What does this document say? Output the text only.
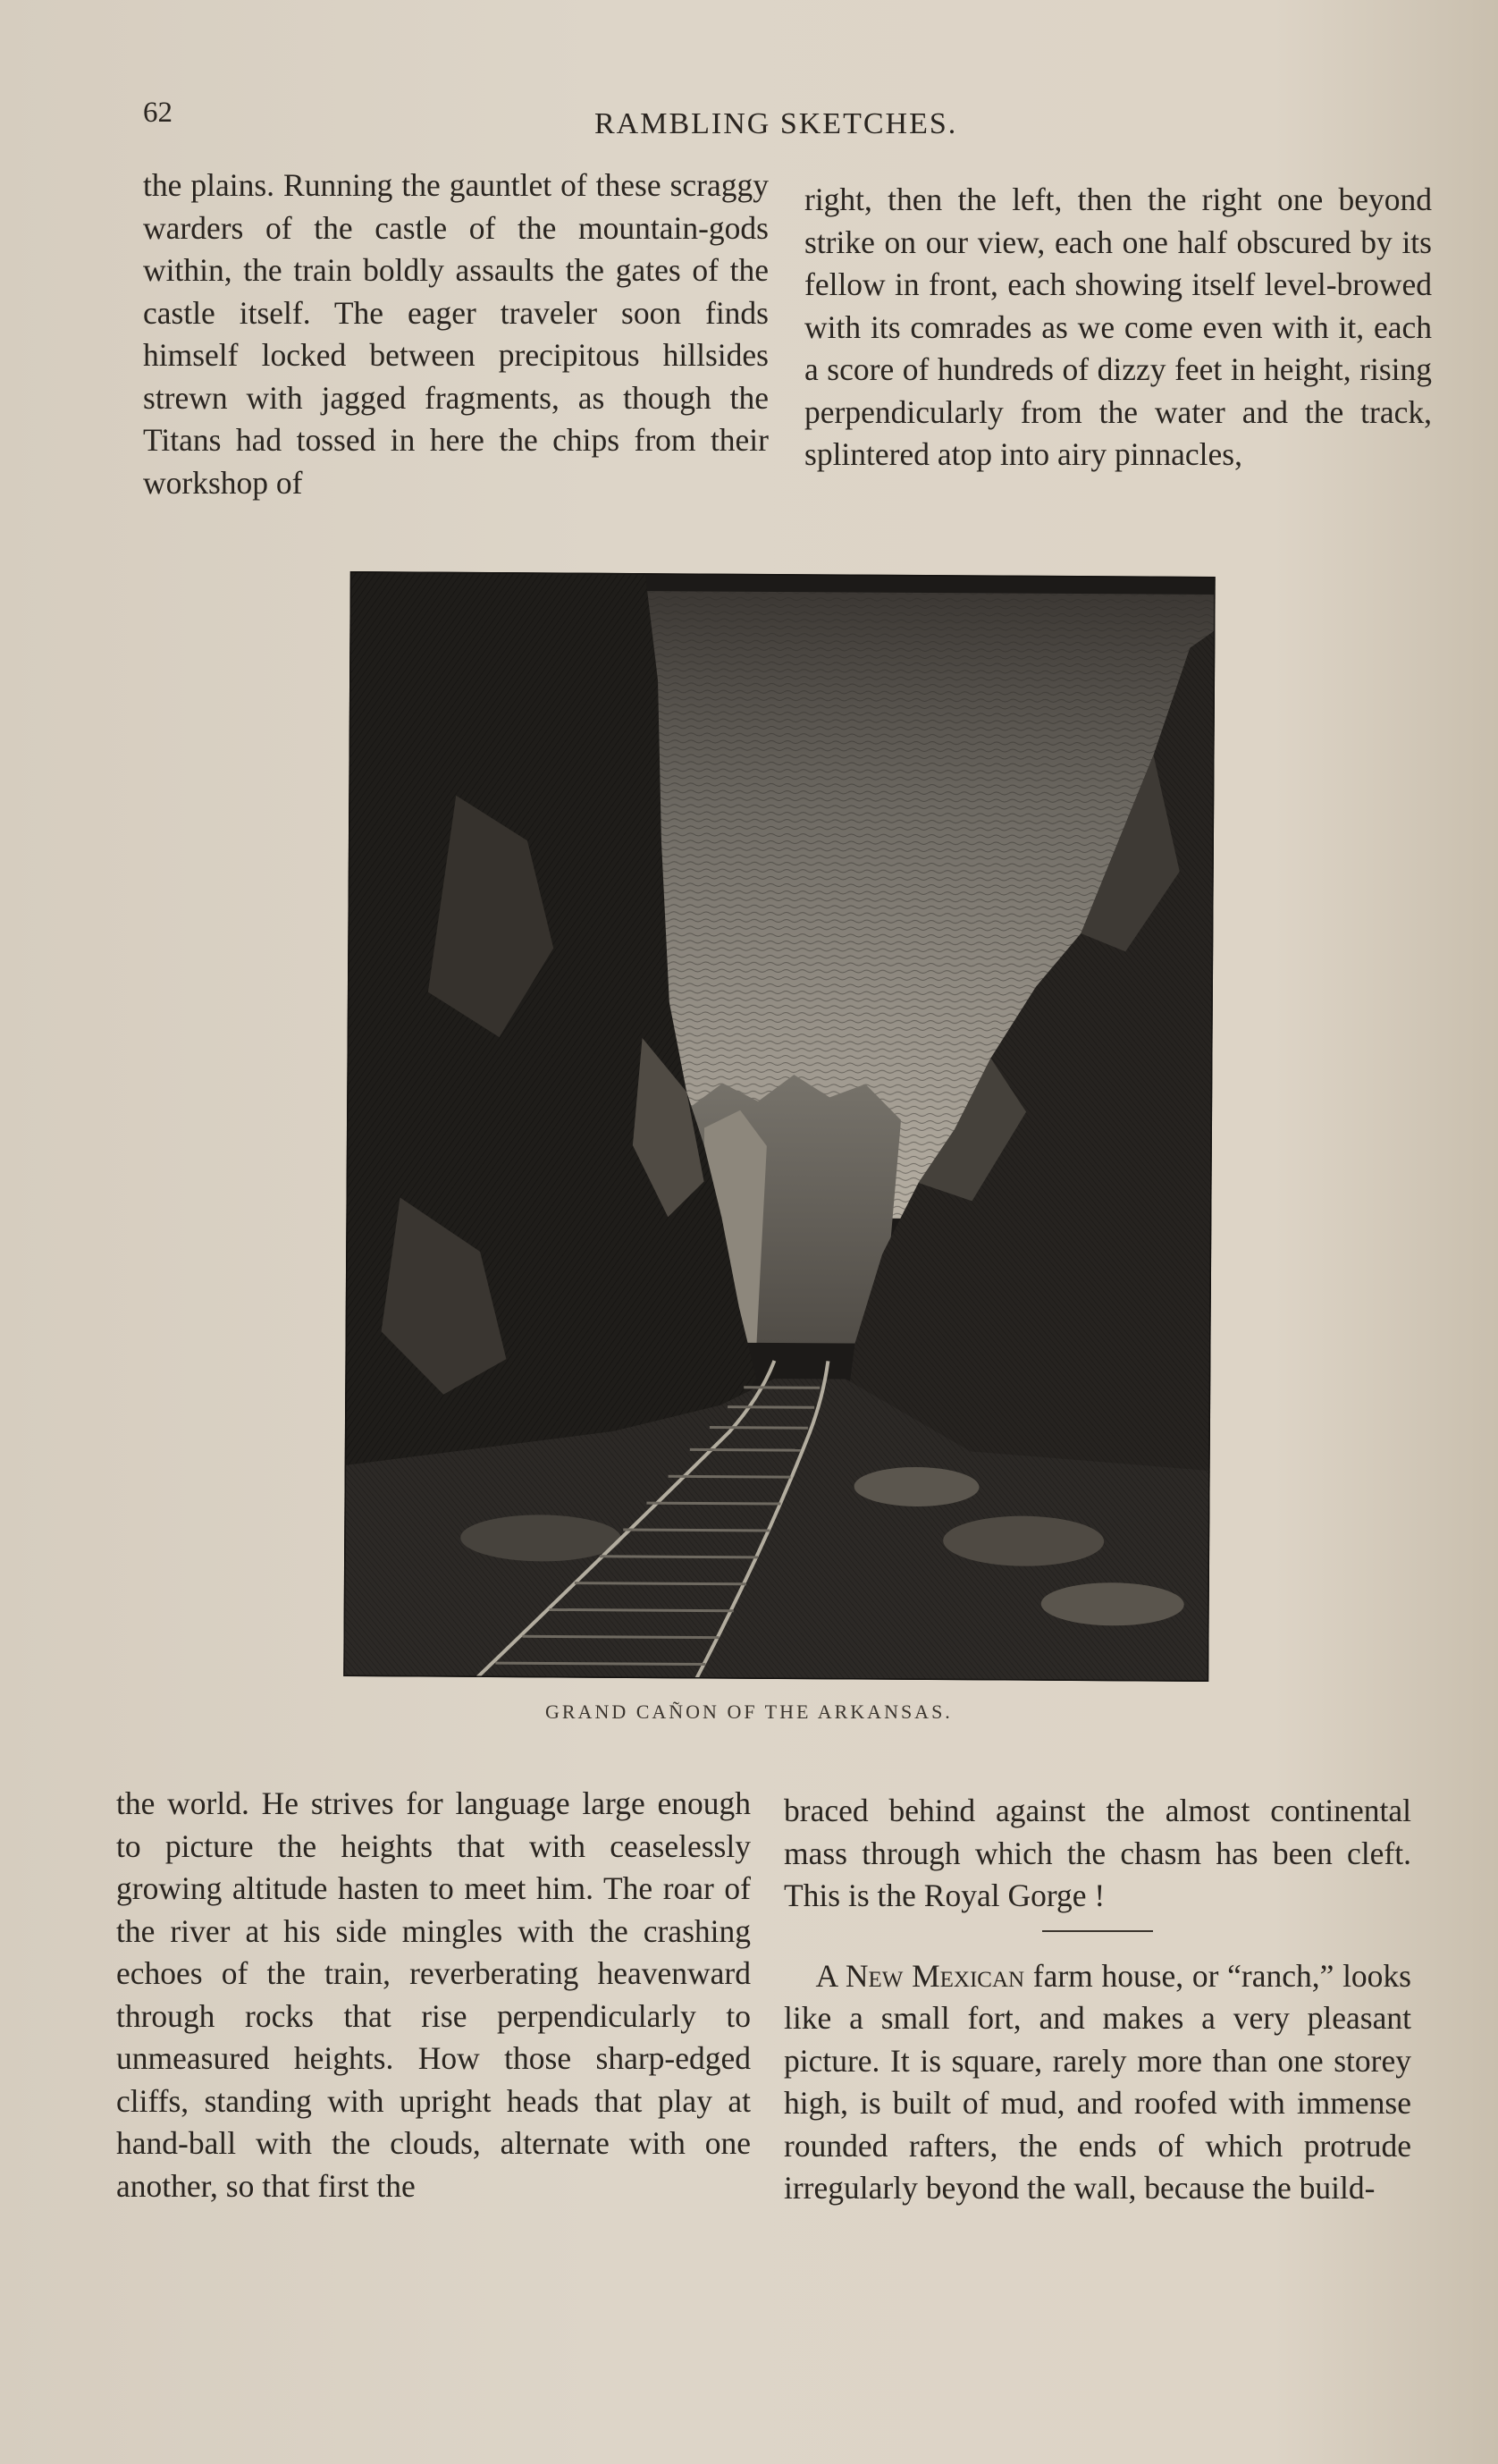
62	RAMBLING SKETCHES.

the plains. Running the gauntlet of these scraggy warders of the castle of the mountain-gods within, the train boldly assaults the gates of the castle itself. The eager traveler soon finds himself locked between precipitous hillsides strewn with jagged fragments, as though the Titans had tossed in here the chips from their workshop of

right, then the left, then the right one beyond strike on our view, each one half obscured by its fellow in front, each showing itself level-browed with its comrades as we come even with it, each a score of hundreds of dizzy feet in height, rising perpendicularly from the water and the track, splintered atop into airy pinnacles,

GRAND CAÑON OF THE ARKANSAS.

the world. He strives for language large enough to picture the heights that with ceaselessly growing altitude hasten to meet him. The roar of the river at his side mingles with the crashing echoes of the train, reverberating heavenward through rocks that rise perpendicularly to unmeasured heights. How those sharp-edged cliffs, standing with upright heads that play at hand-ball with the clouds, alternate with one another, so that first the

braced behind against the almost continental mass through which the chasm has been cleft. This is the Royal Gorge !

 A New Mexican farm house, or “ranch,” looks like a small fort, and makes a very pleasant picture. It is square, rarely more than one storey high, is built of mud, and roofed with immense rounded rafters, the ends of which protrude irregularly beyond the wall, because the build-
